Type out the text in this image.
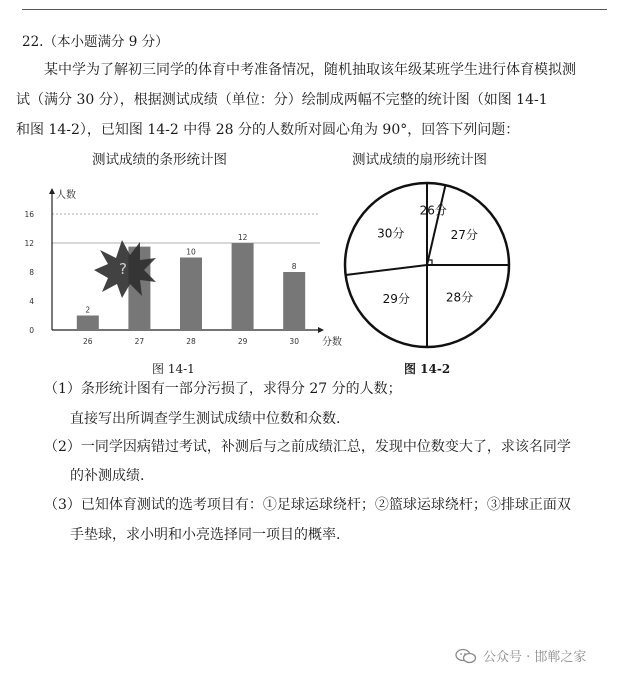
22.（本小题满分 9 分）
某中学为了解初三同学的体育中考准备情况，随机抽取该年级某班学生进行体育模拟测
试（满分 30 分），根据测试成绩（单位：分）绘制成两幅不完整的统计图（如图 14-1
和图 14-2），已知图 14-2 中得 28 分的人数所对圆心角为 90°，回答下列问题：
测试成绩的条形统计图	测试成绩的扇形统计图
人数
分数
0
4
8
12
16
26
2
27	28
10
29
12
30
8
?
26分
27分
28分
29分
30分
图 14-1	图 14-2
（1）条形统计图有一部分污损了，求得分 27 分的人数；
直接写出所调查学生测试成绩中位数和众数.
（2）一同学因病错过考试，补测后与之前成绩汇总，发现中位数变大了，求该名同学
的补测成绩.
（3）已知体育测试的选考项目有：①足球运球绕杆；②篮球运球绕杆；③排球正面双
手垫球，求小明和小亮选择同一项目的概率.
公众号 · 邯郸之家
